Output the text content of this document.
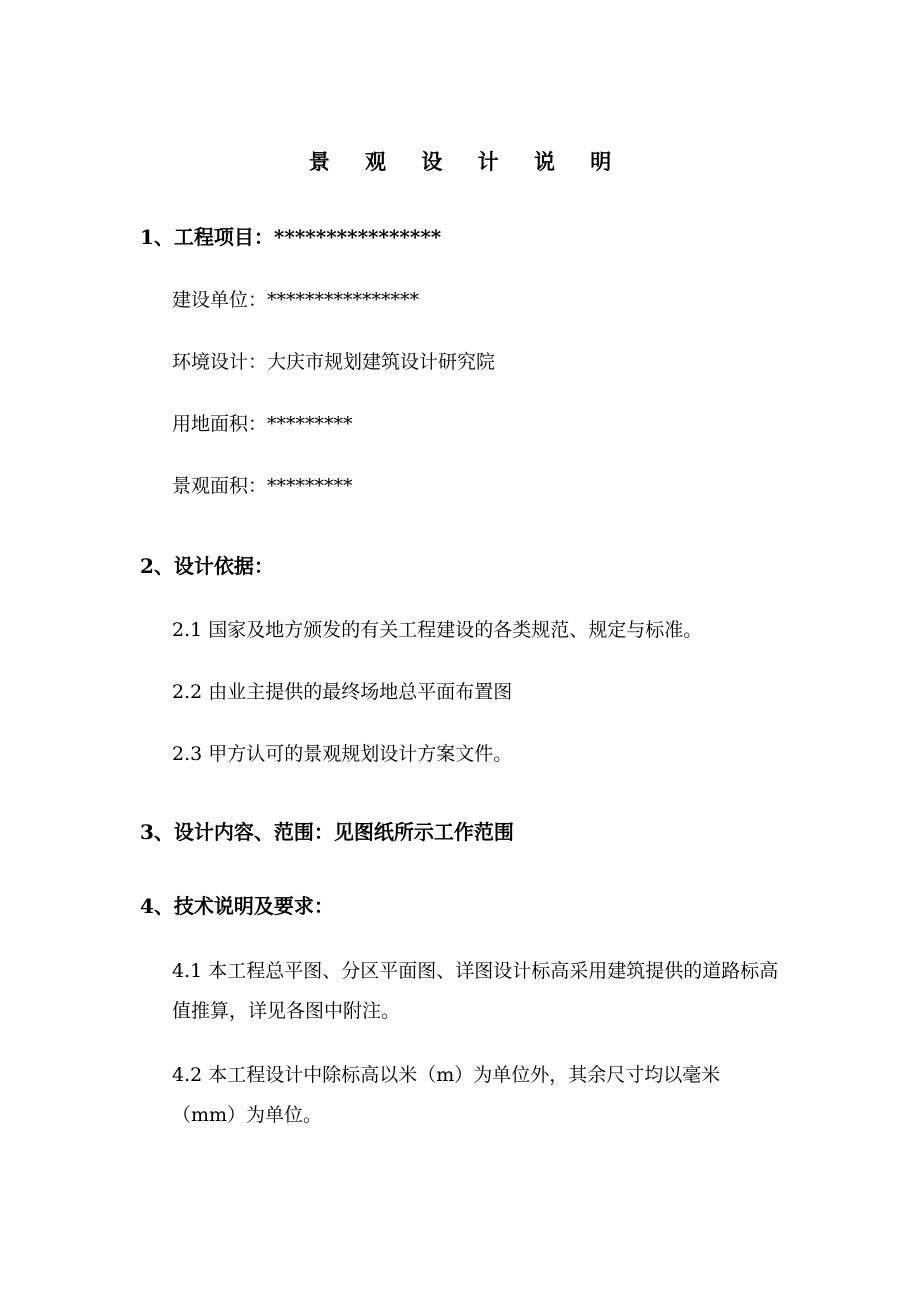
景 观 设 计 说 明
1、工程项目：****************
建设单位：****************
环境设计：大庆市规划建筑设计研究院
用地面积：*********
景观面积：*********
2、设计依据：
2.1 国家及地方颁发的有关工程建设的各类规范、规定与标准。
2.2 由业主提供的最终场地总平面布置图
2.3 甲方认可的景观规划设计方案文件。
3、设计内容、范围：见图纸所示工作范围
4、技术说明及要求：
4.1 本工程总平图、分区平面图、详图设计标高采用建筑提供的道路标高值推算，详见各图中附注。
4.2 本工程设计中除标高以米（m）为单位外，其余尺寸均以毫米（mm）为单位。
